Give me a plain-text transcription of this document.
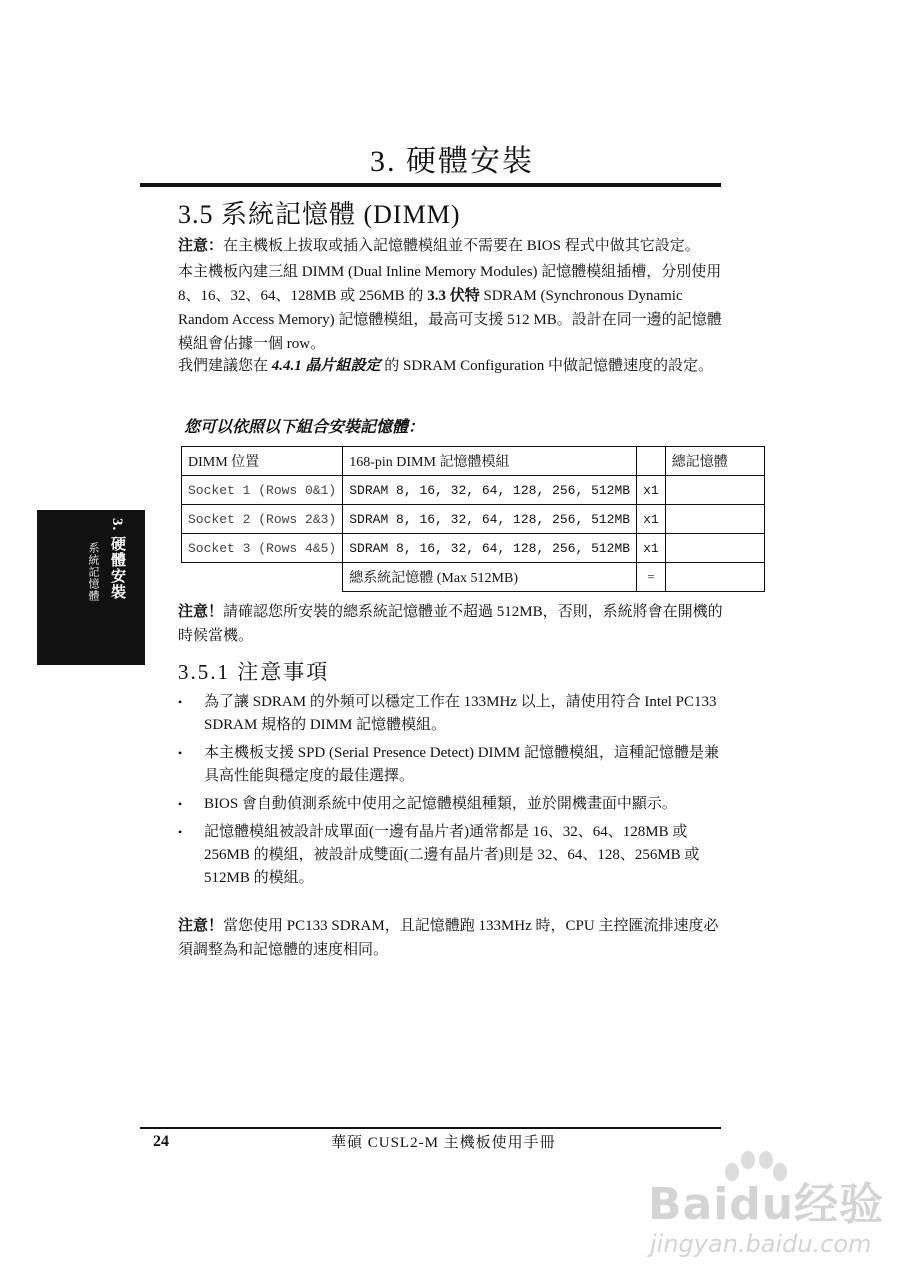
3. 硬體安裝
3.5 系統記憶體 (DIMM)
注意：在主機板上拔取或插入記憶體模組並不需要在 BIOS 程式中做其它設定。
本主機板內建三組 DIMM (Dual Inline Memory Modules) 記憶體模組插槽，分別使用 8、16、32、64、128MB 或 256MB 的 3.3 伏特 SDRAM (Synchronous Dynamic Random Access Memory) 記憶體模組，最高可支援 512 MB。設計在同一邊的記憶體模組會佔據一個 row。
我們建議您在 4.4.1 晶片組設定 的 SDRAM Configuration 中做記憶體速度的設定。
您可以依照以下組合安裝記憶體：
DIMM 位置	168-pin DIMM 記憶體模組		總記憶體
Socket 1 (Rows 0&1)	SDRAM 8, 16, 32, 64, 128, 256, 512MB	x1	
Socket 2 (Rows 2&3)	SDRAM 8, 16, 32, 64, 128, 256, 512MB	x1	
Socket 3 (Rows 4&5)	SDRAM 8, 16, 32, 64, 128, 256, 512MB	x1	
	總系統記憶體 (Max 512MB)	=	
注意！請確認您所安裝的總系統記憶體並不超過 512MB，否則，系統將會在開機的時候當機。
3. 硬體安裝
系統記憶體
3.5.1 注意事項
• 為了讓 SDRAM 的外頻可以穩定工作在 133MHz 以上，請使用符合 Intel PC133 SDRAM 規格的 DIMM 記憶體模組。
• 本主機板支援 SPD (Serial Presence Detect) DIMM 記憶體模組，這種記憶體是兼具高性能與穩定度的最佳選擇。
• BIOS 會自動偵測系統中使用之記憶體模組種類，並於開機畫面中顯示。
• 記憶體模組被設計成單面(一邊有晶片者)通常都是 16、32、64、128MB 或 256MB 的模組，被設計成雙面(二邊有晶片者)則是 32、64、128、256MB 或 512MB 的模組。
注意！當您使用 PC133 SDRAM，且記憶體跑 133MHz 時，CPU 主控匯流排速度必須調整為和記憶體的速度相同。
24	華碩 CUSL2-M 主機板使用手冊
Baidu经验
jingyan.baidu.com
